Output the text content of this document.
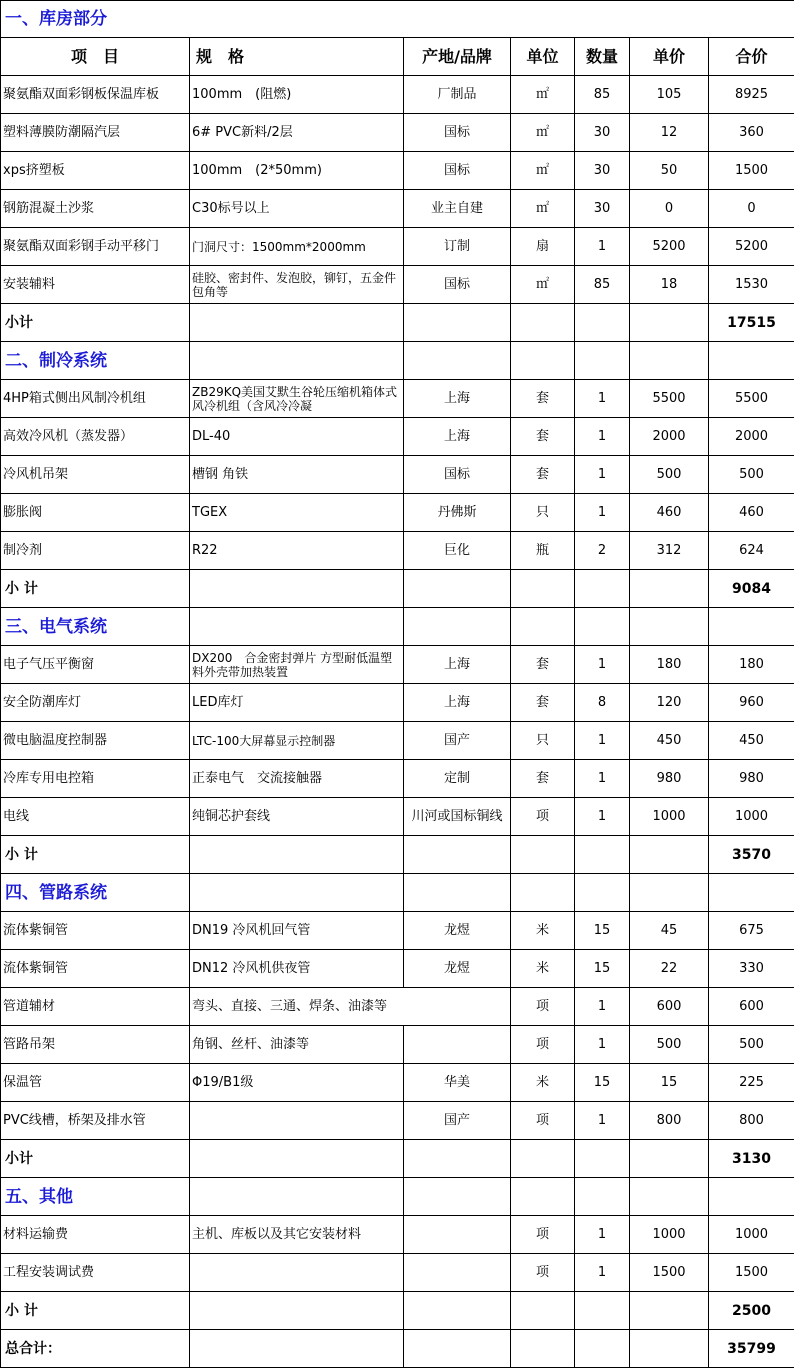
一、库房部分						
项　目	规　格	产地/品牌	单位	数量	单价	合价
聚氨酯双面彩钢板保温库板	100mm　(阻燃)	厂制品	㎡	85	105	8925
塑料薄膜防潮隔汽层	6# PVC新料/2层	国标	㎡	30	12	360
xps挤塑板	100mm　(2*50mm)	国标	㎡	30	50	1500
钢筋混凝土沙浆	C30标号以上	业主自建	㎡	30	0	0
聚氨酯双面彩钢手动平移门	门洞尺寸：1500mm*2000mm	订制	扇	1	5200	5200
安装辅料	硅胶、密封件、发泡胶，铆钉，五金件包角等	国标	㎡	85	18	1530
小计						17515
二、制冷系统						
4HP箱式侧出风制冷机组	ZB29KQ美国艾默生谷轮压缩机箱体式风冷机组（含风冷冷凝	上海	套	1	5500	5500
高效冷风机（蒸发器）	DL-40	上海	套	1	2000	2000
冷风机吊架	槽钢 角铁	国标	套	1	500	500
膨胀阀	TGEX	丹佛斯	只	1	460	460
制冷剂	R22	巨化	瓶	2	312	624
小 计						9084
三、电气系统						
电子气压平衡窗	DX200　合金密封弹片 方型耐低温塑料外壳带加热装置	上海	套	1	180	180
安全防潮库灯	LED库灯	上海	套	8	120	960
微电脑温度控制器	LTC-100大屏幕显示控制器	国产	只	1	450	450
冷库专用电控箱	正泰电气　交流接触器	定制	套	1	980	980
电线	纯铜芯护套线	川河或国标铜线	项	1	1000	1000
小 计						3570
四、管路系统						
流体紫铜管	DN19 冷风机回气管	龙煜	米	15	45	675
流体紫铜管	DN12 冷风机供夜管	龙煜	米	15	22	330
管道辅材	弯头、直接、三通、焊条、油漆等		项	1	600	600
管路吊架	角钢、丝杆、油漆等		项	1	500	500
保温管	Φ19/B1级	华美	米	15	15	225
PVC线槽，桥架及排水管		国产	项	1	800	800
小计						3130
五、其他						
材料运输费	主机、库板以及其它安装材料		项	1	1000	1000
工程安装调试费			项	1	1500	1500
小 计						2500
总合计：						35799
